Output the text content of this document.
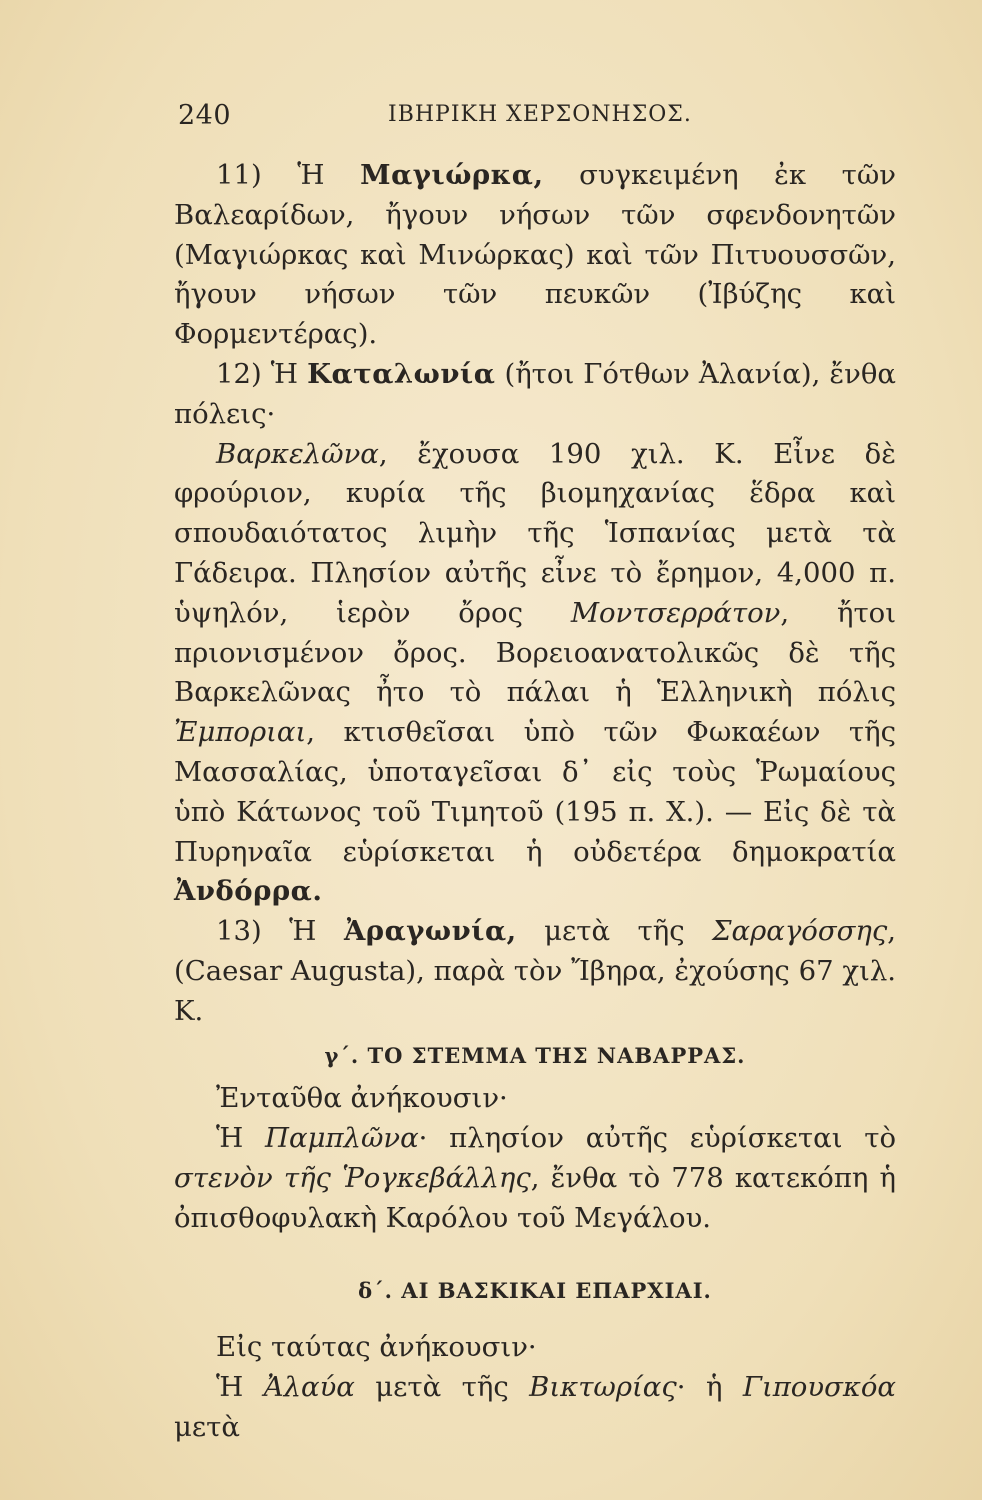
240	ΙΒΗΡΙΚΗ ΧΕΡΣΟΝΗΣΟΣ.

11) Ἡ Μαγιώρκα, συγκειμένη ἐκ τῶν Βαλεαρίδων, ἤγουν νήσων τῶν σφενδονητῶν (Μαγιώρκας καὶ Μινώρκας) καὶ τῶν Πιτυουσσῶν, ἤγουν νήσων τῶν πευκῶν (Ἰβύζης καὶ Φορμεντέρας).

12) Ἡ Καταλωνία (ἤτοι Γότθων Ἀλανία), ἔνθα πόλεις·

Βαρκελῶνα, ἔχουσα 190 χιλ. Κ. Εἶνε δὲ φρούριον, κυρία τῆς βιομηχανίας ἕδρα καὶ σπουδαιότατος λιμὴν τῆς Ἱσπανίας μετὰ τὰ Γάδειρα. Πλησίον αὐτῆς εἶνε τὸ ἔρημον, 4,000 π. ὑψηλόν, ἱερὸν ὄρος Μοντσερράτον, ἤτοι πριονισμένον ὄρος. Βορειοανατολικῶς δὲ τῆς Βαρκελῶνας ἦτο τὸ πάλαι ἡ Ἑλληνικὴ πόλις Ἐμποριαι, κτισθεῖσαι ὑπὸ τῶν Φωκαέων τῆς Μασσαλίας, ὑποταγεῖσαι δ᾽ εἰς τοὺς Ῥωμαίους ὑπὸ Κάτωνος τοῦ Τιμητοῦ (195 π. Χ.). — Εἰς δὲ τὰ Πυρηναῖα εὑρίσκεται ἡ οὐδετέρα δημοκρατία Ἀνδόρρα.

13) Ἡ Ἀραγωνία, μετὰ τῆς Σαραγόσσης, (Caesar Augusta), παρὰ τὸν Ἴβηρα, ἐχούσης 67 χιλ. Κ.

γ΄. ΤΟ ΣΤΕΜΜΑ ΤΗΣ ΝΑΒΑΡΡΑΣ.

Ἐνταῦθα ἀνήκουσιν·

Ἡ Παμπλῶνα· πλησίον αὐτῆς εὑρίσκεται τὸ στενὸν τῆς Ῥογκεβάλλης, ἔνθα τὸ 778 κατεκόπη ἡ ὀπισθοφυλακὴ Καρόλου τοῦ Μεγάλου.

δ΄. ΑΙ ΒΑΣΚΙΚΑΙ ΕΠΑΡΧΙΑΙ.

Εἰς ταύτας ἀνήκουσιν·

Ἡ Ἀλαύα μετὰ τῆς Βικτωρίας· ἡ Γιπουσκόα μετὰ
